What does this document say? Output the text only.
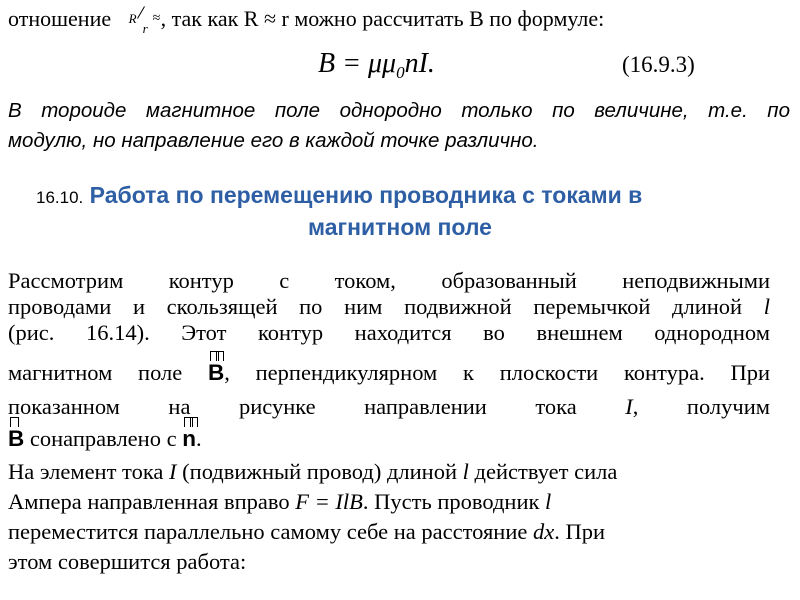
отношение R
r
≈ , так как R ≈ r можно рассчитать B по формуле:
$B = \mu\mu_0nI$.	(16.9.3)
В тороиде магнитное поле однородно только по величине, т.е. по
модулю, но направление его в каждой точке различно.
16.10. Работа по перемещению проводника с токами в
магнитном поле
Рассмотрим контур с током, образованный неподвижными
проводами и скользящей по ним подвижной перемычкой длиной l
(рис. 16.14). Этот контур находится во внешнем однородном
магнитном поле
B, перпендикулярном к плоскости контура. При
показанном на рисунке направлении тока I, получим
B сонаправлено с
n.
На элемент тока I (подвижный провод) длиной l действует сила
Ампера направленная вправо F = IlB. Пусть проводник l
переместится параллельно самому себе на расстояние dx. При
этом совершится работа:
